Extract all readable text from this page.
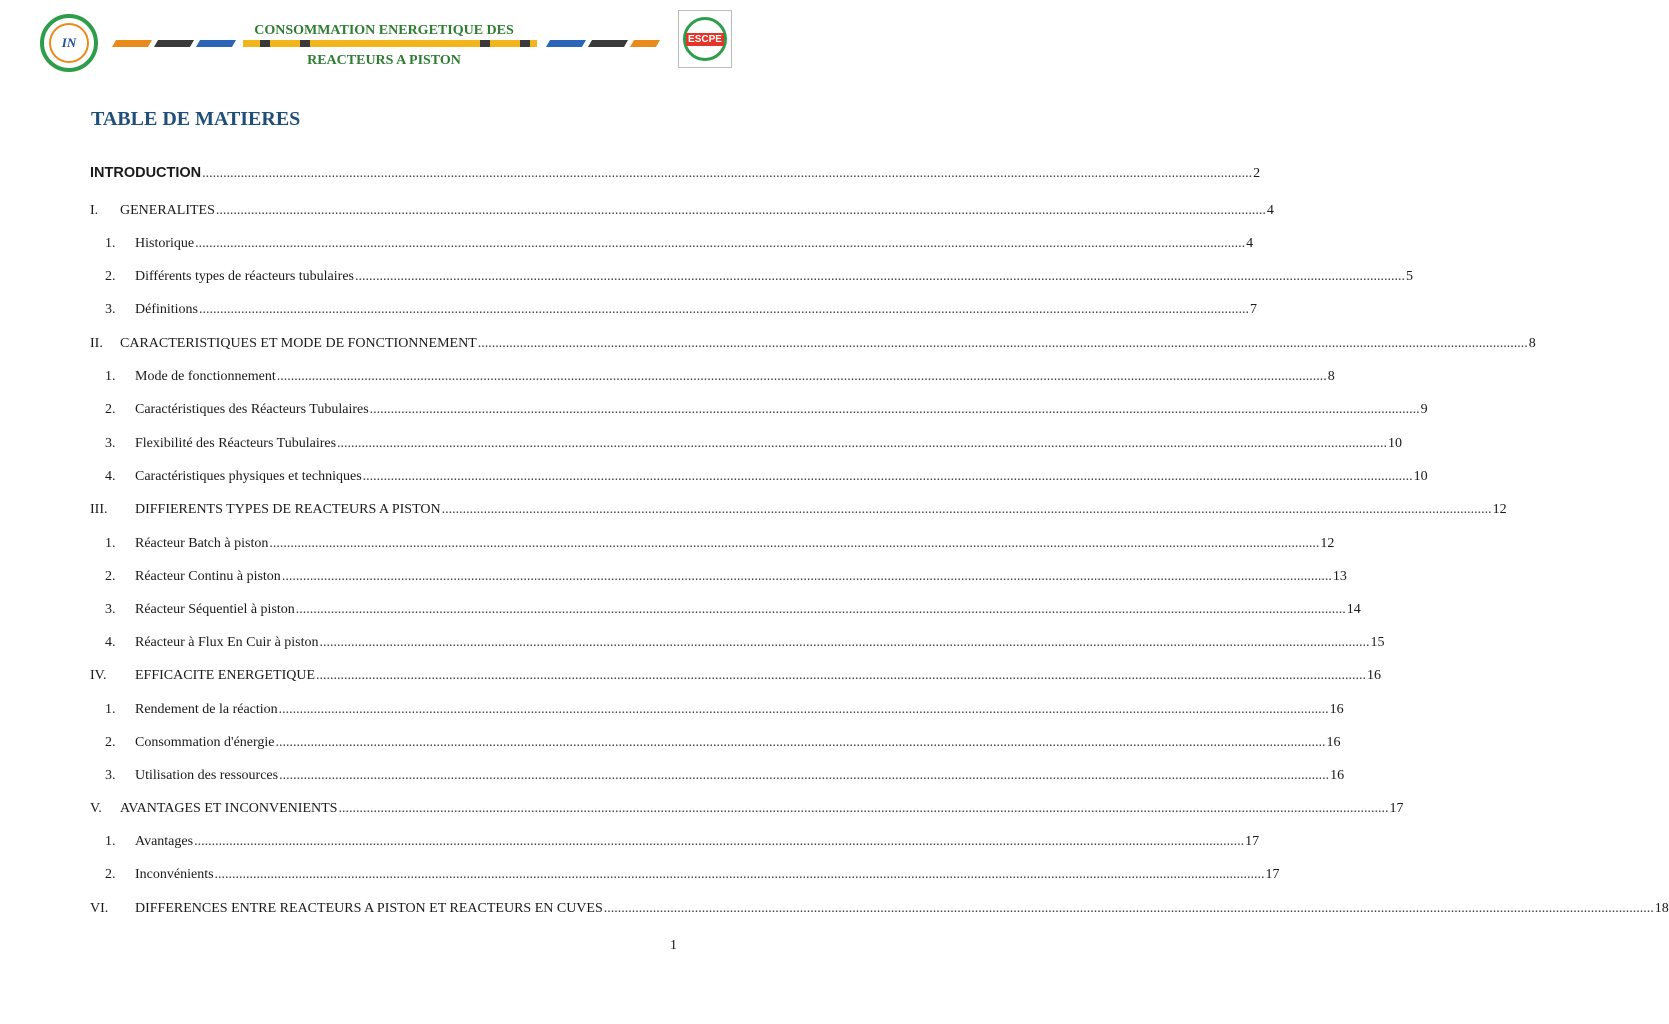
IN
CONSOMMATION ENERGETIQUE DES
REACTEURS A PISTON
ESCPE
TABLE DE MATIERES
INTRODUCTION ............................................................................................................................................................................................................................................................................................................ 2
I.	GENERALITES ............................................................................................................................................................................................................................................................................................................ 4
1.	Historique ............................................................................................................................................................................................................................................................................................................ 4
2.	Différents types de réacteurs tubulaires ............................................................................................................................................................................................................................................................................................................ 5
3.	Définitions ............................................................................................................................................................................................................................................................................................................ 7
II.	CARACTERISTIQUES ET MODE DE FONCTIONNEMENT ............................................................................................................................................................................................................................................................................................................ 8
1.	Mode de fonctionnement ............................................................................................................................................................................................................................................................................................................ 8
2.	Caractéristiques des Réacteurs Tubulaires ............................................................................................................................................................................................................................................................................................................ 9
3.	Flexibilité des Réacteurs Tubulaires ............................................................................................................................................................................................................................................................................................................ 10
4.	Caractéristiques physiques et techniques ............................................................................................................................................................................................................................................................................................................ 10
III.	DIFFIERENTS TYPES DE REACTEURS A PISTON ............................................................................................................................................................................................................................................................................................................ 12
1.	Réacteur Batch à piston ............................................................................................................................................................................................................................................................................................................ 12
2.	Réacteur Continu à piston ............................................................................................................................................................................................................................................................................................................ 13
3.	Réacteur Séquentiel à piston ............................................................................................................................................................................................................................................................................................................ 14
4.	Réacteur à Flux En Cuir à piston ............................................................................................................................................................................................................................................................................................................ 15
IV.	EFFICACITE ENERGETIQUE ............................................................................................................................................................................................................................................................................................................ 16
1.	Rendement de la réaction ............................................................................................................................................................................................................................................................................................................ 16
2.	Consommation d'énergie ............................................................................................................................................................................................................................................................................................................ 16
3.	Utilisation des ressources ............................................................................................................................................................................................................................................................................................................ 16
V.	AVANTAGES ET INCONVENIENTS ............................................................................................................................................................................................................................................................................................................ 17
1.	Avantages ............................................................................................................................................................................................................................................................................................................ 17
2.	Inconvénients ............................................................................................................................................................................................................................................................................................................ 17
VI.	DIFFERENCES ENTRE REACTEURS A PISTON ET REACTEURS EN CUVES ............................................................................................................................................................................................................................................................................................................ 18
1
